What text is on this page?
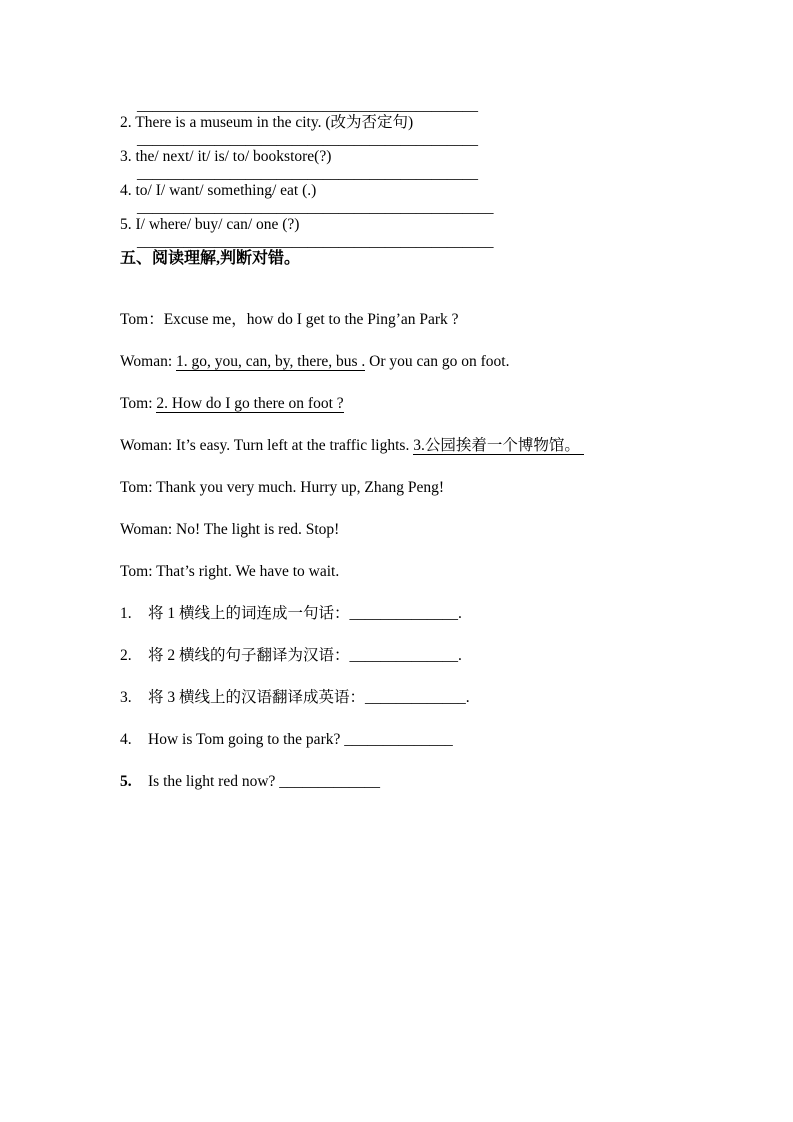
____________________________________________

2. There is a museum in the city. (改为否定句)

____________________________________________

3. the/ next/ it/ is/ to/ bookstore(?)

____________________________________________

4. to/ I/ want/ something/ eat (.)

______________________________________________

5. I/ where/ buy/ can/ one (?)

______________________________________________

五、阅读理解,判断对错。

Tom：Excuse me，how do I get to the Ping’an Park ?

Woman: 1. go, you, can, by, there, bus . Or you can go on foot.

Tom: 2. How do I go there on foot ?

Woman: It’s easy. Turn left at the traffic lights. 3.公园挨着一个博物馆。

Tom: Thank you very much. Hurry up, Zhang Peng!

Woman: No! The light is red. Stop!

Tom: That’s right. We have to wait.

1. 将 1 横线上的词连成一句话：______________.

2. 将 2 横线的句子翻译为汉语：______________.

3. 将 3 横线上的汉语翻译成英语：_____________.

4. How is Tom going to the park? ______________

5. Is the light red now? _____________
